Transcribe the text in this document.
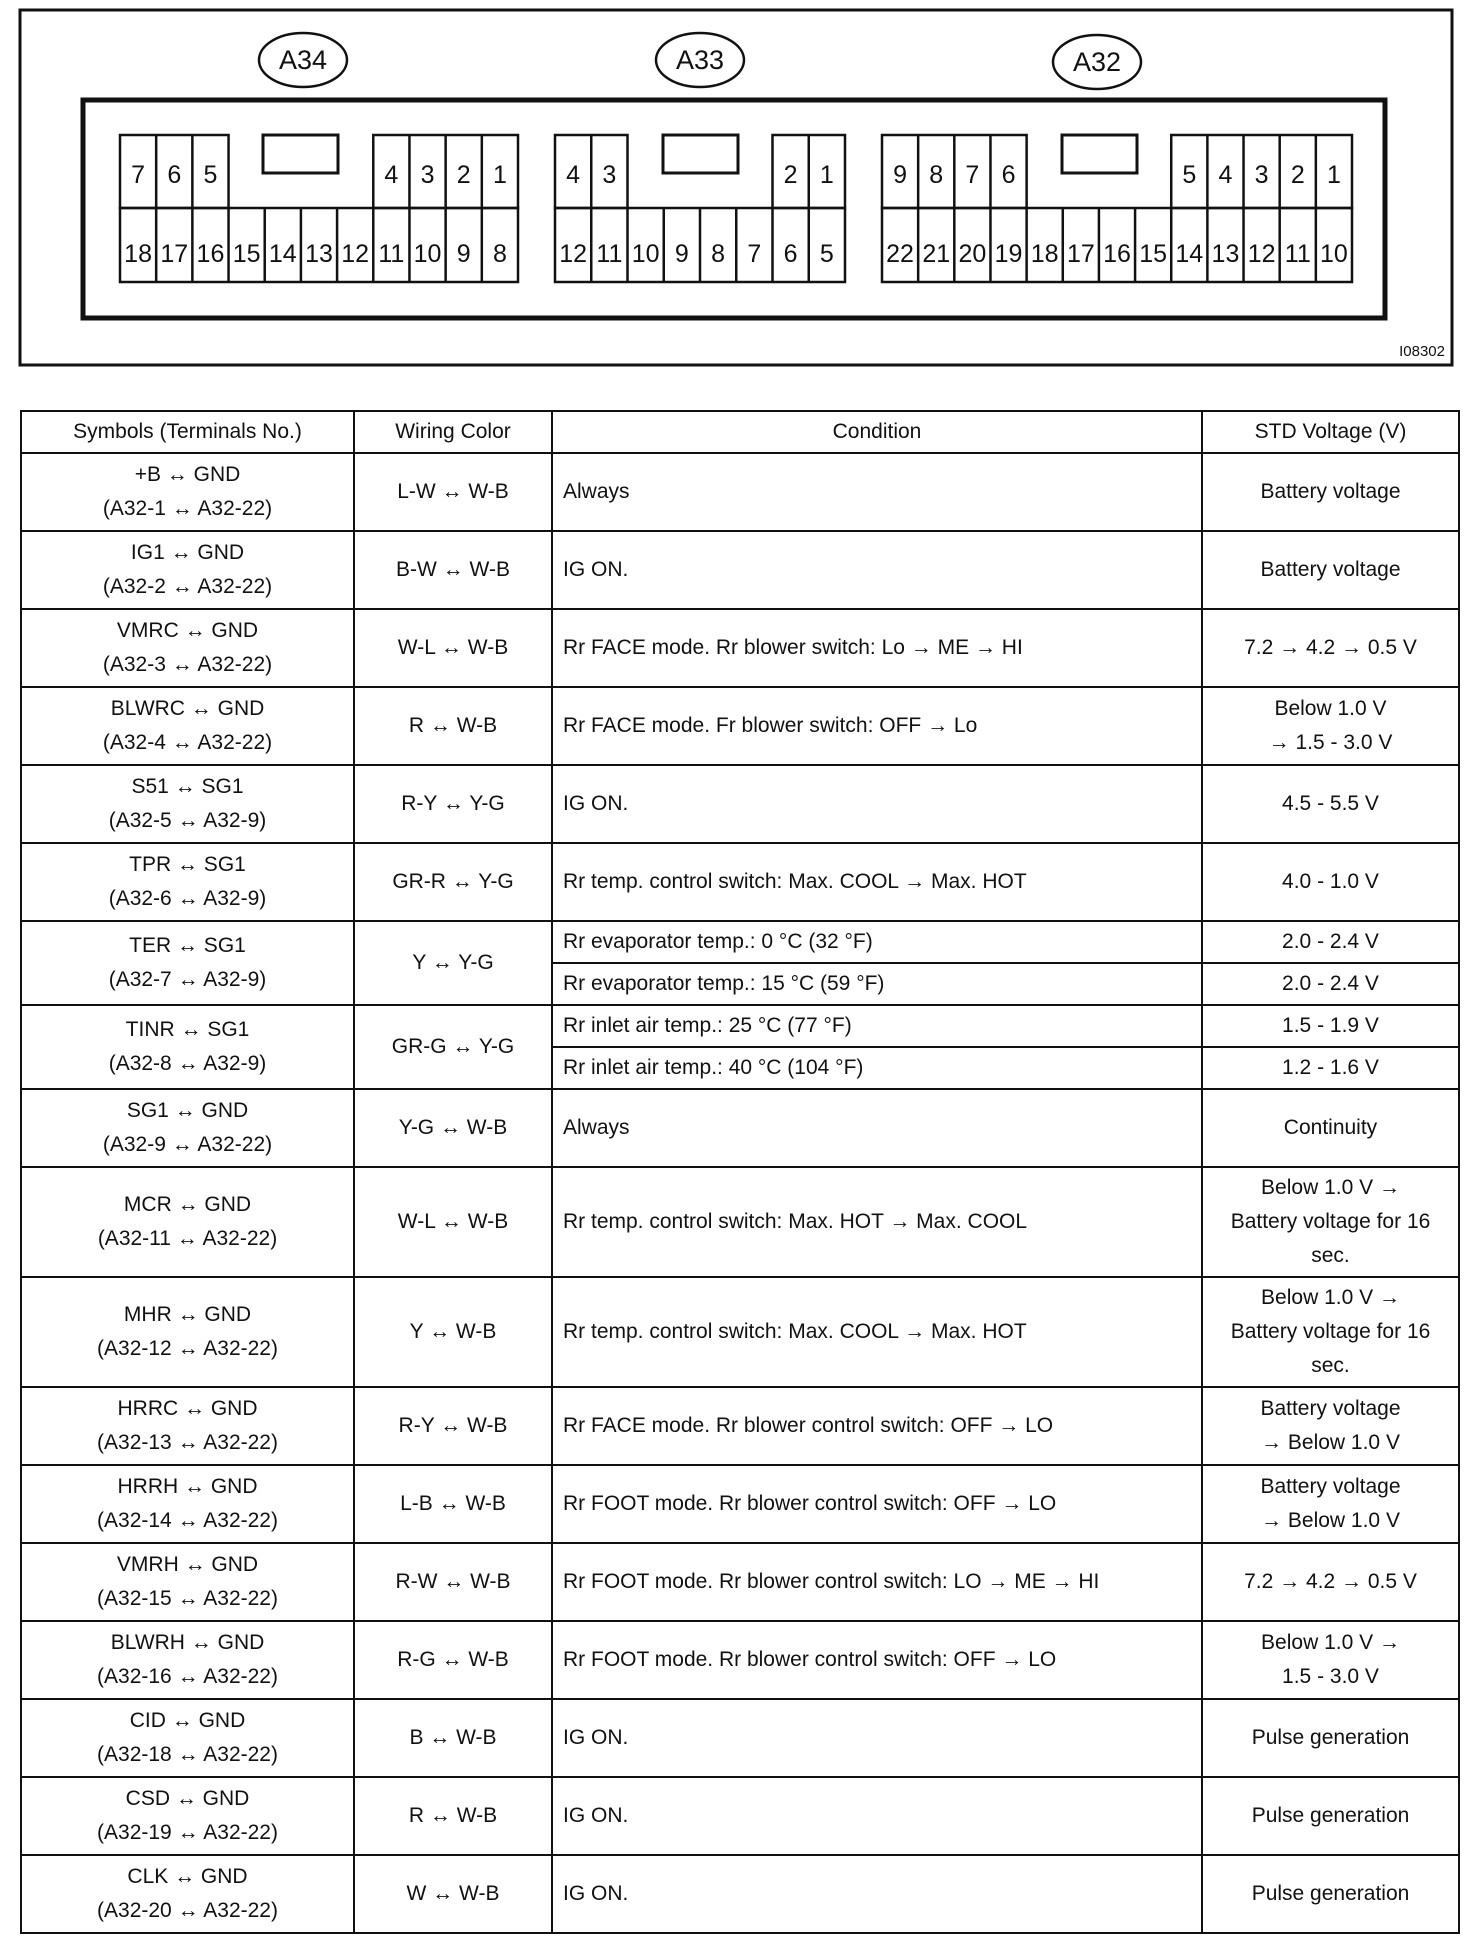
A34
18 17 16 15 14 13 12 11 10 9 8
7 6 5	4 3 2 1
A33
12 11 10 9 8 7 6 5
4 3	2 1
A32
22 21 20 19 18 17 16 15 14 13 12 11 10
9 8 7 6	5 4 3 2 1
I08302
Symbols (Terminals No.)	Wiring Color	Condition	STD Voltage (V)

+B ↔ GND
(A32-1 ↔ A32-22)	L-W ↔ W-B	Always	Battery voltage

IG1 ↔ GND
(A32-2 ↔ A32-22)	B-W ↔ W-B	IG ON.	Battery voltage

VMRC ↔ GND
(A32-3 ↔ A32-22)	W-L ↔ W-B	Rr FACE mode. Rr blower switch: Lo → ME → HI	7.2 → 4.2 → 0.5 V

BLWRC ↔ GND
(A32-4 ↔ A32-22)	R ↔ W-B	Rr FACE mode. Fr blower switch: OFF → Lo	Below 1.0 V
→ 1.5 - 3.0 V

S51 ↔ SG1
(A32-5 ↔ A32-9)	R-Y ↔ Y-G	IG ON.	4.5 - 5.5 V

TPR ↔ SG1
(A32-6 ↔ A32-9)	GR-R ↔ Y-G	Rr temp. control switch: Max. COOL → Max. HOT	4.0 - 1.0 V

TER ↔ SG1
(A32-7 ↔ A32-9)	Y ↔ Y-G	Rr evaporator temp.: 0 °C (32 °F)	2.0 - 2.4 V

		Rr evaporator temp.: 15 °C (59 °F)	2.0 - 2.4 V

TINR ↔ SG1
(A32-8 ↔ A32-9)	GR-G ↔ Y-G	Rr inlet air temp.: 25 °C (77 °F)	1.5 - 1.9 V

		Rr inlet air temp.: 40 °C (104 °F)	1.2 - 1.6 V

SG1 ↔ GND
(A32-9 ↔ A32-22)	Y-G ↔ W-B	Always	Continuity

MCR ↔ GND
(A32-11 ↔ A32-22)	W-L ↔ W-B	Rr temp. control switch: Max. HOT → Max. COOL	Below 1.0 V →
Battery voltage for 16
sec.

MHR ↔ GND
(A32-12 ↔ A32-22)	Y ↔ W-B	Rr temp. control switch: Max. COOL → Max. HOT	Below 1.0 V →
Battery voltage for 16
sec.

HRRC ↔ GND
(A32-13 ↔ A32-22)	R-Y ↔ W-B	Rr FACE mode. Rr blower control switch: OFF → LO	Battery voltage
→ Below 1.0 V

HRRH ↔ GND
(A32-14 ↔ A32-22)	L-B ↔ W-B	Rr FOOT mode. Rr blower control switch: OFF → LO	Battery voltage
→ Below 1.0 V

VMRH ↔ GND
(A32-15 ↔ A32-22)	R-W ↔ W-B	Rr FOOT mode. Rr blower control switch: LO → ME → HI	7.2 → 4.2 → 0.5 V

BLWRH ↔ GND
(A32-16 ↔ A32-22)	R-G ↔ W-B	Rr FOOT mode. Rr blower control switch: OFF → LO	Below 1.0 V →
1.5 - 3.0 V

CID ↔ GND
(A32-18 ↔ A32-22)	B ↔ W-B	IG ON.	Pulse generation

CSD ↔ GND
(A32-19 ↔ A32-22)	R ↔ W-B	IG ON.	Pulse generation

CLK ↔ GND
(A32-20 ↔ A32-22)	W ↔ W-B	IG ON.	Pulse generation
